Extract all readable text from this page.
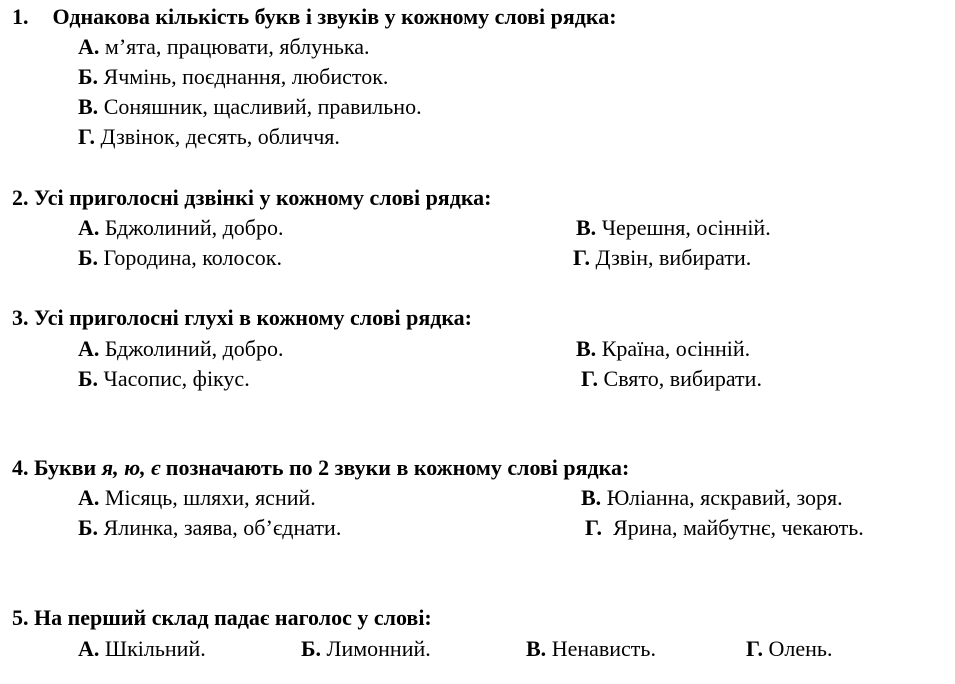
1. Однакова кількість букв і звуків у кожному слові рядка:
А. м’ята, працювати, яблунька.
Б. Ячмінь, поєднання, любисток.
В. Соняшник, щасливий, правильно.
Г. Дзвінок, десять, обличчя.
2. Усі приголосні дзвінкі у кожному слові рядка:
А. Бджолиний, добро.
Б. Городина, колосок.
В. Черешня, осінній.
Г. Дзвін, вибирати.
3. Усі приголосні глухі в кожному слові рядка:
А. Бджолиний, добро.
Б. Часопис, фікус.
В. Країна, осінній.
Г. Свято, вибирати.
4. Букви я, ю, є позначають по 2 звуки в кожному слові рядка:
А. Місяць, шляхи, ясний.
Б. Ялинка, заява, об’єднати.
В. Юліанна, яскравий, зоря.
Г. Ярина, майбутнє, чекають.
5. На перший склад падає наголос у слові:
А. Шкільний.	Б. Лимонний.	В. Ненависть.	Г. Олень.
